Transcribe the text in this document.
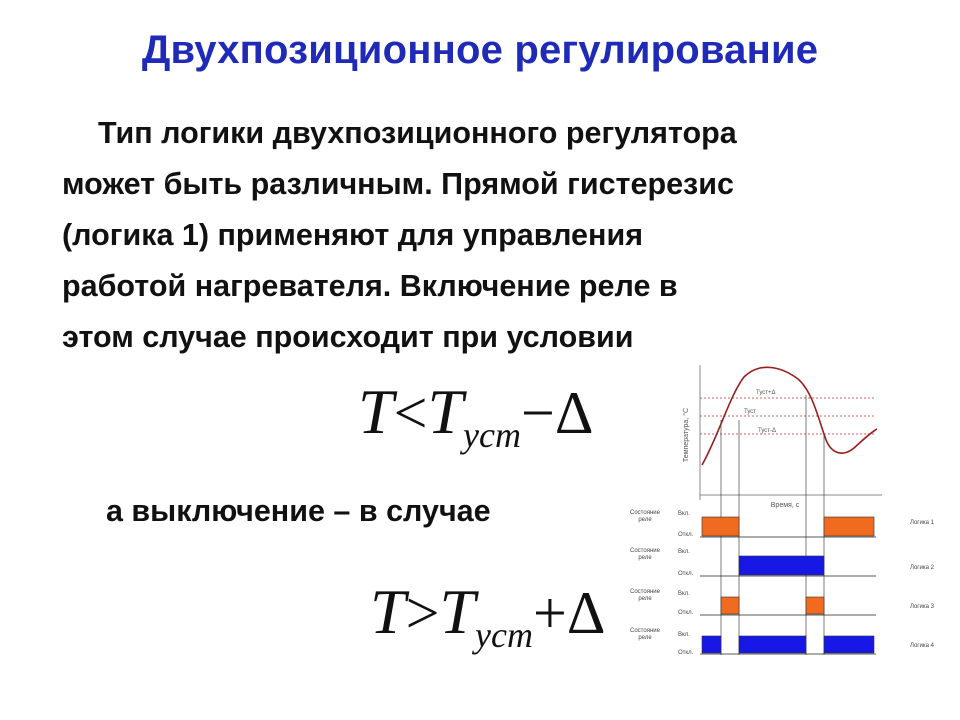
Двухпозиционное регулирование
Тип логики двухпозиционного регулятора
может быть различным. Прямой гистерезис
(логика 1) применяют для управления
работой нагревателя. Включение реле в
этом случае происходит при условии
T<Tуст−Δ
а выключение – в случае
T>Tуст+Δ
Температура, °С
Время, с
Туст+Δ
Туст
Туст-Δ
Состояние
реле
Вкл.
Откл.
Логика 1
Состояние
реле
Вкл.
Откл.
Логика 2
Состояние
реле
Вкл.
Откл.
Логика 3
Состояние
реле	Вкл.
Откл.
Логика 4
